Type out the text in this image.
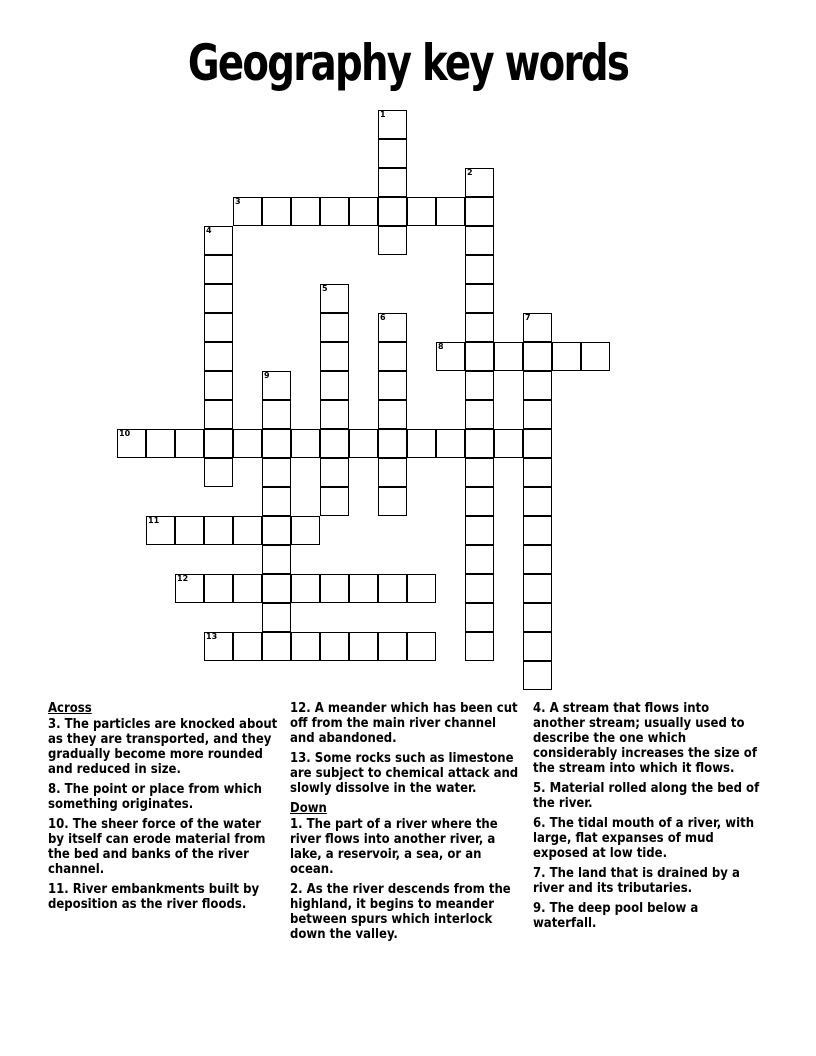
Geography key words
1
2
3
4
5
6	7
8
9
10
11
12
13
Across
3. The particles are knocked about as they are transported, and they gradually become more rounded and reduced in size.
8. The point or place from which something originates.
10. The sheer force of the water by itself can erode material from the bed and banks of the river channel.
11. River embankments built by deposition as the river floods.
12. A meander which has been cut off from the main river channel and abandoned.
13. Some rocks such as limestone are subject to chemical attack and slowly dissolve in the water.
Down
1. The part of a river where the river flows into another river, a lake, a reservoir, a sea, or an ocean.
2. As the river descends from the highland, it begins to meander between spurs which interlock down the valley.
4. A stream that flows into another stream; usually used to describe the one which considerably increases the size of the stream into which it flows.
5. Material rolled along the bed of the river.
6. The tidal mouth of a river, with large, flat expanses of mud exposed at low tide.
7. The land that is drained by a river and its tributaries.
9. The deep pool below a waterfall.
